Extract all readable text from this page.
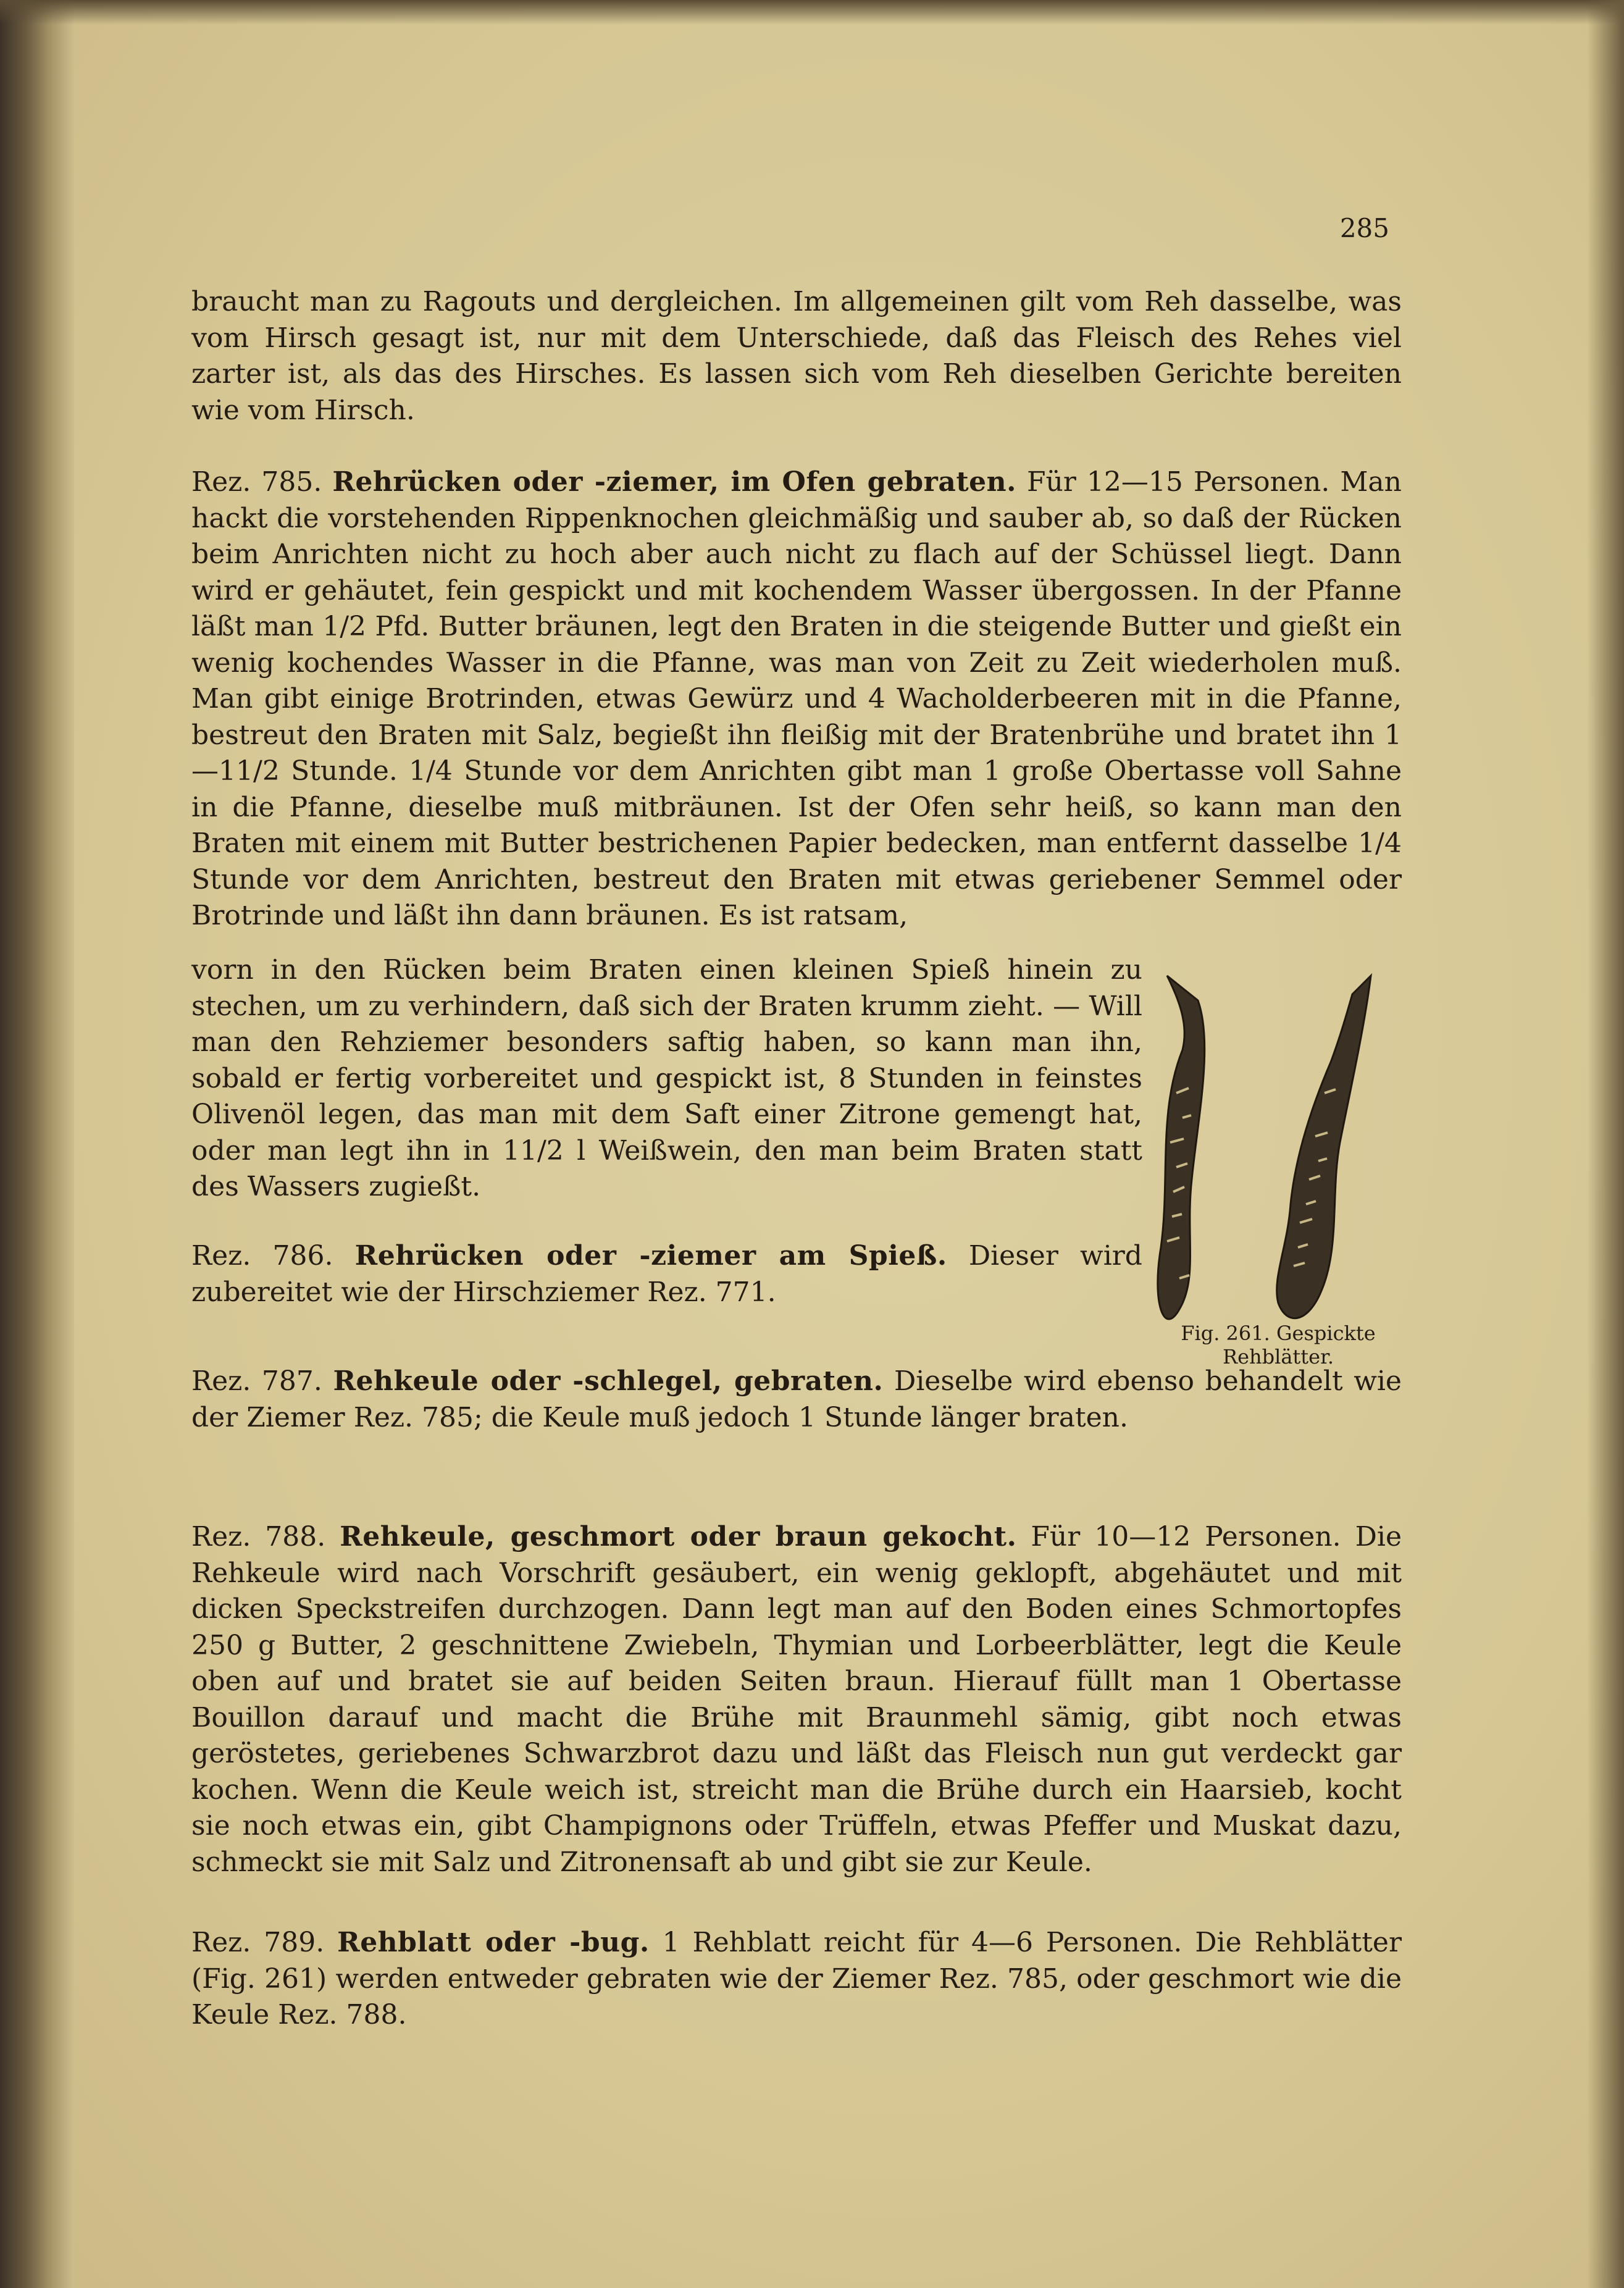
285

braucht man zu Ragouts und dergleichen. Im allgemeinen gilt vom Reh dasselbe, was vom Hirsch gesagt ist, nur mit dem Unterschiede, daß das Fleisch des Rehes viel zarter ist, als das des Hirsches. Es lassen sich vom Reh dieselben Gerichte bereiten wie vom Hirsch.

Rez. 785. Rehrücken oder -ziemer, im Ofen gebraten. Für 12—15 Personen. Man hackt die vorstehenden Rippenknochen gleichmäßig und sauber ab, so daß der Rücken beim Anrichten nicht zu hoch aber auch nicht zu flach auf der Schüssel liegt. Dann wird er gehäutet, fein gespickt und mit kochendem Wasser übergossen. In der Pfanne läßt man 1/2 Pfd. Butter bräunen, legt den Braten in die steigende Butter und gießt ein wenig kochendes Wasser in die Pfanne, was man von Zeit zu Zeit wiederholen muß. Man gibt einige Brotrinden, etwas Gewürz und 4 Wacholderbeeren mit in die Pfanne, bestreut den Braten mit Salz, begießt ihn fleißig mit der Bratenbrühe und bratet ihn 1—11/2 Stunde. 1/4 Stunde vor dem Anrichten gibt man 1 große Obertasse voll Sahne in die Pfanne, dieselbe muß mitbräunen. Ist der Ofen sehr heiß, so kann man den Braten mit einem mit Butter bestrichenen Papier bedecken, man entfernt dasselbe 1/4 Stunde vor dem Anrichten, bestreut den Braten mit etwas geriebener Semmel oder Brotrinde und läßt ihn dann bräunen. Es ist ratsam,

vorn in den Rücken beim Braten einen kleinen Spieß hinein zu stechen, um zu verhindern, daß sich der Braten krumm zieht. — Will man den Rehziemer besonders saftig haben, so kann man ihn, sobald er fertig vorbereitet und gespickt ist, 8 Stunden in feinstes Olivenöl legen, das man mit dem Saft einer Zitrone gemengt hat, oder man legt ihn in 11/2 l Weißwein, den man beim Braten statt des Wassers zugießt.

Rez. 786. Rehrücken oder -ziemer am Spieß. Dieser wird zubereitet wie der Hirschziemer Rez. 771.

Rez. 787. Rehkeule oder -schlegel, gebraten. Dieselbe wird ebenso behandelt wie der Ziemer Rez. 785; die Keule muß jedoch 1 Stunde länger braten.

Rez. 788. Rehkeule, geschmort oder braun gekocht. Für 10—12 Personen. Die Rehkeule wird nach Vorschrift gesäubert, ein wenig geklopft, abgehäutet und mit dicken Speckstreifen durchzogen. Dann legt man auf den Boden eines Schmortopfes 250 g Butter, 2 geschnittene Zwiebeln, Thymian und Lorbeerblätter, legt die Keule oben auf und bratet sie auf beiden Seiten braun. Hierauf füllt man 1 Obertasse Bouillon darauf und macht die Brühe mit Braunmehl sämig, gibt noch etwas geröstetes, geriebenes Schwarzbrot dazu und läßt das Fleisch nun gut verdeckt gar kochen. Wenn die Keule weich ist, streicht man die Brühe durch ein Haarsieb, kocht sie noch etwas ein, gibt Champignons oder Trüffeln, etwas Pfeffer und Muskat dazu, schmeckt sie mit Salz und Zitronensaft ab und gibt sie zur Keule.

Rez. 789. Rehblatt oder -bug. 1 Rehblatt reicht für 4—6 Personen. Die Rehblätter (Fig. 261) werden entweder gebraten wie der Ziemer Rez. 785, oder geschmort wie die Keule Rez. 788.

Fig. 261. Gespickte Rehblätter.
